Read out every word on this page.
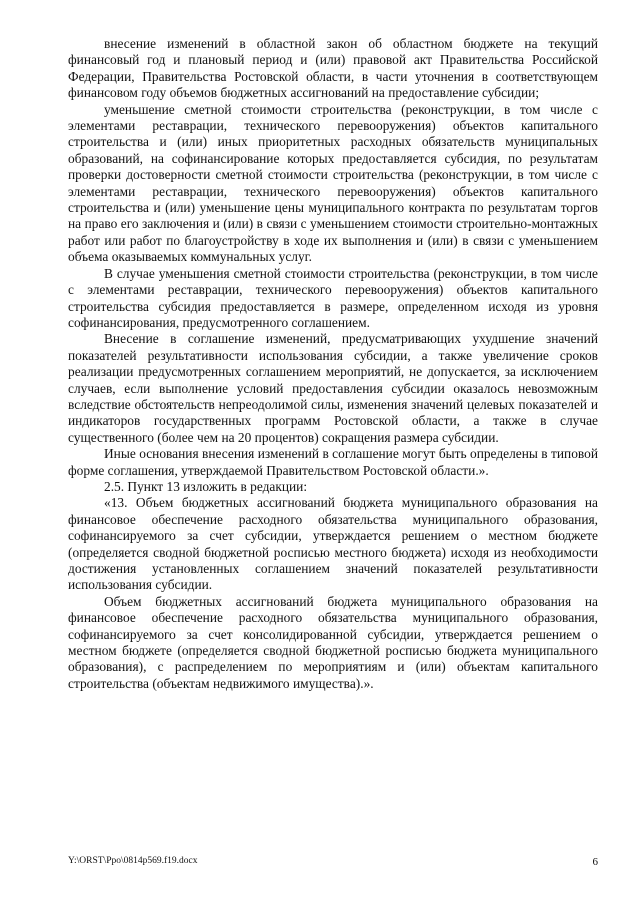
внесение изменений в областной закон об областном бюджете на текущий финансовый год и плановый период и (или) правовой акт Правительства Российской Федерации, Правительства Ростовской области, в части уточнения в соответствующем финансовом году объемов бюджетных ассигнований на предоставление субсидии;

уменьшение сметной стоимости строительства (реконструкции, в том числе с элементами реставрации, технического перевооружения) объектов капитального строительства и (или) иных приоритетных расходных обязательств муниципальных образований, на софинансирование которых предоставляется субсидия, по результатам проверки достоверности сметной стоимости строительства (реконструкции, в том числе с элементами реставрации, технического перевооружения) объектов капитального строительства и (или) уменьшение цены муниципального контракта по результатам торгов на право его заключения и (или) в связи с уменьшением стоимости строительно-монтажных работ или работ по благоустройству в ходе их выполнения и (или) в связи с уменьшением объема оказываемых коммунальных услуг.

В случае уменьшения сметной стоимости строительства (реконструкции, в том числе с элементами реставрации, технического перевооружения) объектов капитального строительства субсидия предоставляется в размере, определенном исходя из уровня софинансирования, предусмотренного соглашением.

Внесение в соглашение изменений, предусматривающих ухудшение значений показателей результативности использования субсидии, а также увеличение сроков реализации предусмотренных соглашением мероприятий, не допускается, за исключением случаев, если выполнение условий предоставления субсидии оказалось невозможным вследствие обстоятельств непреодолимой силы, изменения значений целевых показателей и индикаторов государственных программ Ростовской области, а также в случае существенного (более чем на 20 процентов) сокращения размера субсидии.

Иные основания внесения изменений в соглашение могут быть определены в типовой форме соглашения, утверждаемой Правительством Ростовской области.».

2.5. Пункт 13 изложить в редакции:

«13. Объем бюджетных ассигнований бюджета муниципального образования на финансовое обеспечение расходного обязательства муниципального образования, софинансируемого за счет субсидии, утверждается решением о местном бюджете (определяется сводной бюджетной росписью местного бюджета) исходя из необходимости достижения установленных соглашением значений показателей результативности использования субсидии.

Объем бюджетных ассигнований бюджета муниципального образования на финансовое обеспечение расходного обязательства муниципального образования, софинансируемого за счет консолидированной субсидии, утверждается решением о местном бюджете (определяется сводной бюджетной росписью бюджета муниципального образования), с распределением по мероприятиям и (или) объектам капитального строительства (объектам недвижимого имущества).».

Y:\ORST\Ppo\0814p569.f19.docx	6
